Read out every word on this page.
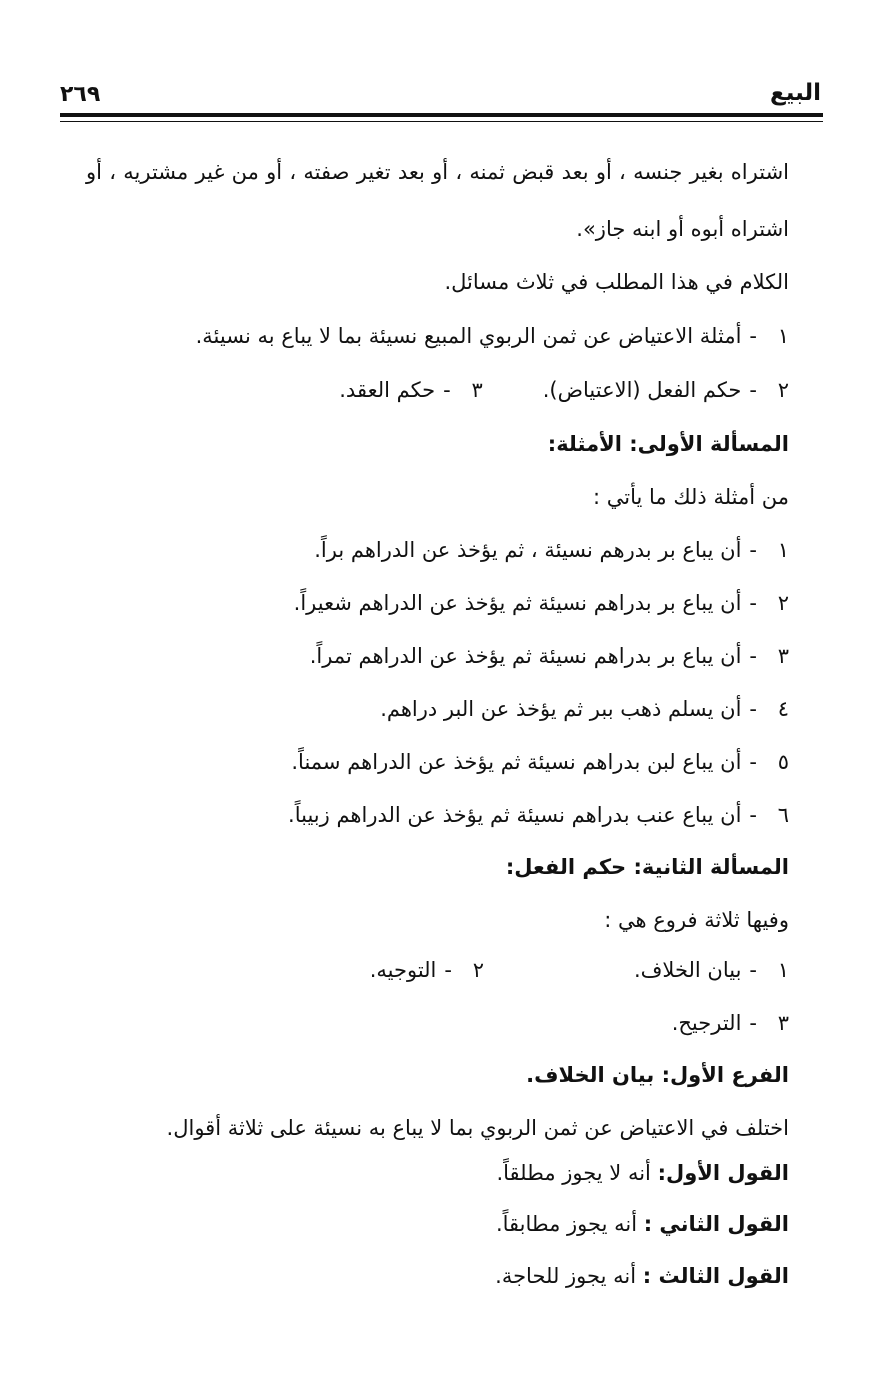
البيع
٢٦٩
اشتراه بغير جنسه ، أو بعد قبض ثمنه ، أو بعد تغير صفته ، أو من غير مشتريه ، أو
اشتراه أبوه أو ابنه جاز».
الكلام في هذا المطلب في ثلاث مسائل.
١-أمثلة الاعتياض عن ثمن الربوي المبيع نسيئة بما لا يباع به نسيئة.
٢-حكم الفعل (الاعتياض).٣-حكم العقد.
المسألة الأولى: الأمثلة:
من أمثلة ذلك ما يأتي :
١-أن يباع بر بدرهم نسيئة ، ثم يؤخذ عن الدراهم براً.
٢-أن يباع بر بدراهم نسيئة ثم يؤخذ عن الدراهم شعيراً.
٣-أن يباع بر بدراهم نسيئة ثم يؤخذ عن الدراهم تمراً.
٤-أن يسلم ذهب ببر ثم يؤخذ عن البر دراهم.
٥-أن يباع لبن بدراهم نسيئة ثم يؤخذ عن الدراهم سمناً.
٦-أن يباع عنب بدراهم نسيئة ثم يؤخذ عن الدراهم زبيباً.
المسألة الثانية: حكم الفعل:
وفيها ثلاثة فروع هي :
١-بيان الخلاف.٢-التوجيه.
٣-الترجيح.
الفرع الأول: بيان الخلاف.
اختلف في الاعتياض عن ثمن الربوي بما لا يباع به نسيئة على ثلاثة أقوال.
القول الأول: أنه لا يجوز مطلقاً.
القول الثاني : أنه يجوز مطابقاً.
القول الثالث : أنه يجوز للحاجة.
